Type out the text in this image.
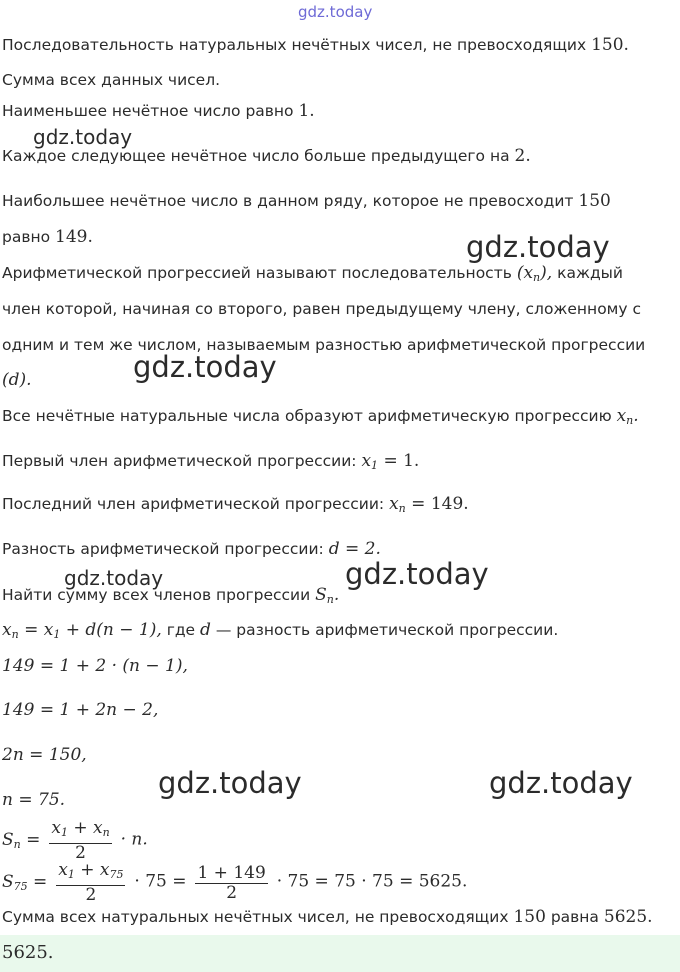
gdz.today
gdz.today
gdz.today
gdz.today
gdz.today	gdz.today
gdz.today	gdz.today
Последовательность натуральных нечётных чисел, не превосходящих 150.
Сумма всех данных чисел.
Наименьшее нечётное число равно 1.
Каждое следующее нечётное число больше предыдущего на 2.
Наибольшее нечётное число в данном ряду, которое не превосходит 150
равно 149.
Арифметической прогрессией называют последовательность $(x_n)$, каждый
член которой, начиная со второго, равен предыдущему члену, сложенному с
одним и тем же числом, называемым разностью арифметической прогрессии
(d).
Все нечётные натуральные числа образуют арифметическую прогрессию $x_n$.
Первый член арифметической прогрессии: $x_1 = 1$.
Последний член арифметической прогрессии: $x_n = 149$.
Разность арифметической прогрессии: d = 2.
Найти сумму всех членов прогрессии $S_n$.
$x_n = x_1 + d(n - 1)$, где d — разность арифметической прогрессии.
149 = 1 + 2 · (n − 1),
149 = 1 + 2n − 2,
2n = 150,
n = 75.
$S_n = \frac{x_1 + x_n}{2} \cdot n$.
$S_{75} = \frac{x_1 + x_{75}}{2} \cdot 75 = \frac{1 + 149}{2} \cdot 75 = 75 \cdot 75 = 5625$.
Сумма всех натуральных нечётных чисел, не превосходящих 150 равна 5625.
5625.
